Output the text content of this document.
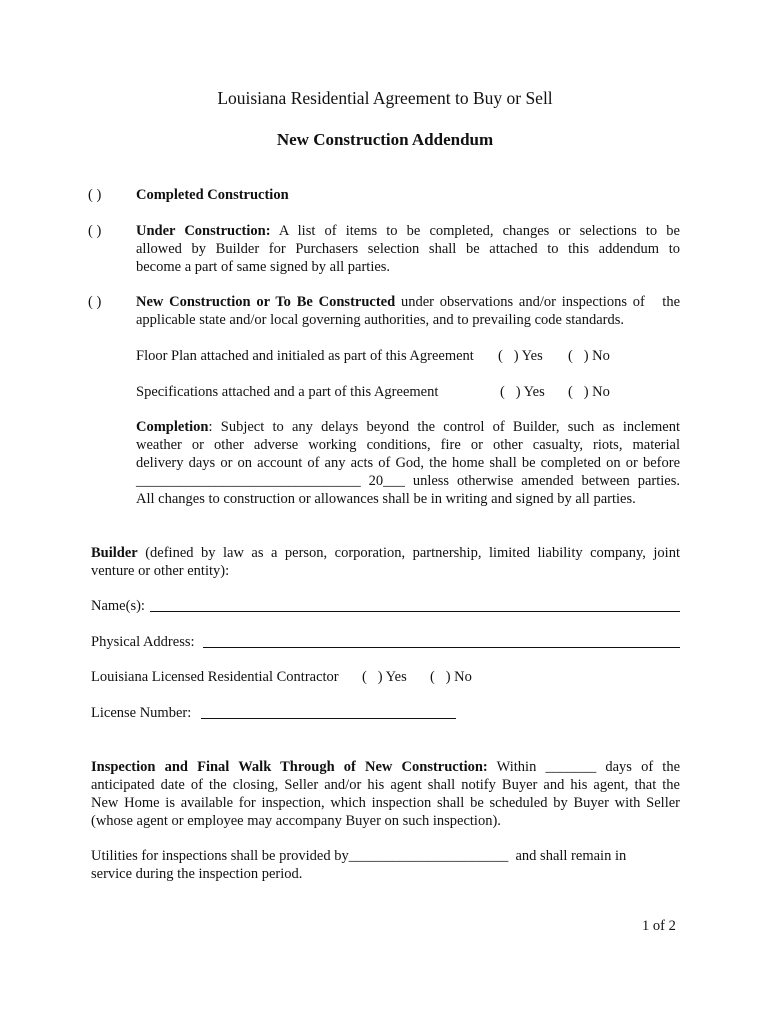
Louisiana Residential Agreement to Buy or Sell
New Construction Addendum
( ) Completed Construction
( ) Under Construction: A list of items to be completed, changes or selections to be
allowed by Builder for Purchasers selection shall be attached to this addendum to
become a part of same signed by all parties.
( ) New Construction or To Be Constructed under observations and/or inspections of   the
applicable state and/or local governing authorities, and to prevailing code standards.
Floor Plan attached and initialed as part of this Agreement (   ) Yes (   ) No
Specifications attached and a part of this Agreement	(   ) Yes (   ) No
Completion: Subject to any delays beyond the control of Builder, such as inclement
weather or other adverse working conditions, fire or other casualty, riots, material
delivery days or on account of any acts of God, the home shall be completed on or before
_______________________________ 20___ unless otherwise amended between parties.
All changes to construction or allowances shall be in writing and signed by all parties.
Builder (defined by law as a person, corporation, partnership, limited liability company, joint
venture or other entity):
Name(s):
Physical Address:
Louisiana Licensed Residential Contractor (   ) Yes (   ) No
License Number:
Inspection and Final Walk Through of New Construction: Within _______ days of the
anticipated date of the closing, Seller and/or his agent shall notify Buyer and his agent, that the
New Home is available for inspection, which inspection shall be scheduled by Buyer with Seller
(whose agent or employee may accompany Buyer on such inspection).
Utilities for inspections shall be provided by______________________  and shall remain in
service during the inspection period.
1 of 2
